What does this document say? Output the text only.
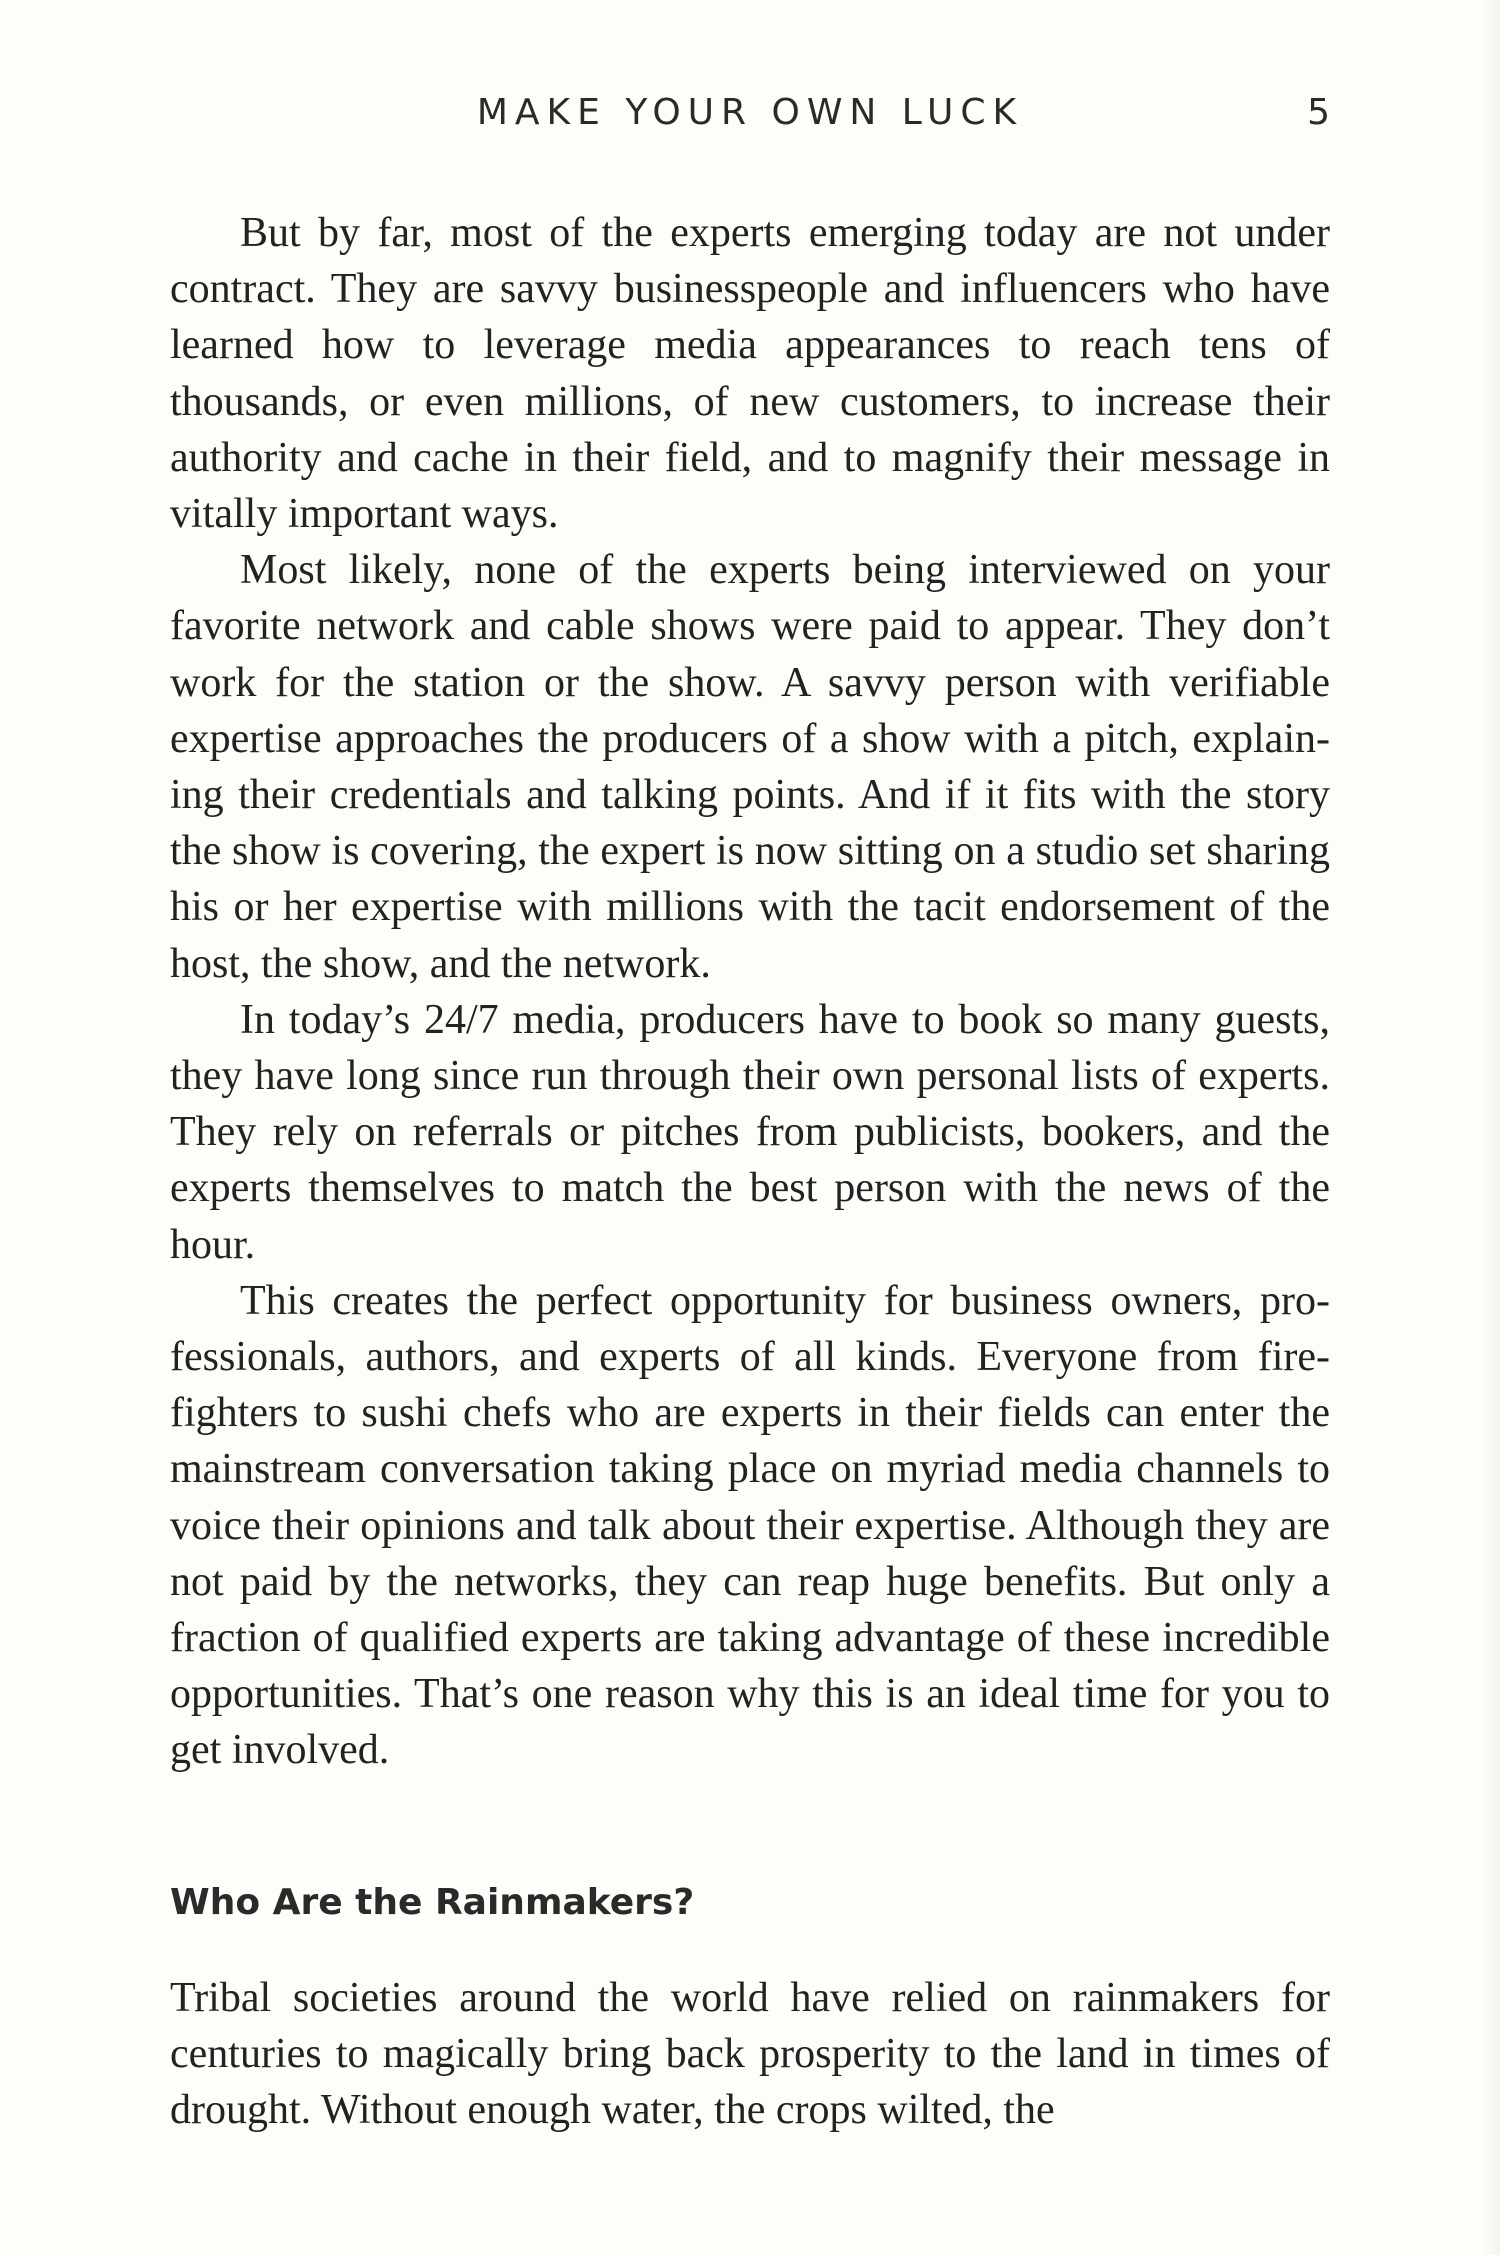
MAKE YOUR OWN LUCK	5

But by far, most of the experts emerging today are not under contract. They are savvy businesspeople and influencers who have learned how to leverage media appearances to reach tens of thousands, or even millions, of new customers, to increase their authority and cache in their field, and to magnify their message in vitally important ways.

Most likely, none of the experts being interviewed on your favorite network and cable shows were paid to appear. They don’t work for the station or the show. A savvy person with verifiable expertise approaches the producers of a show with a pitch, explaining their credentials and talking points. And if it fits with the story the show is covering, the expert is now sitting on a studio set sharing his or her expertise with millions with the tacit endorsement of the host, the show, and the network.

In today’s 24/7 media, producers have to book so many guests, they have long since run through their own personal lists of experts. They rely on referrals or pitches from publicists, bookers, and the experts themselves to match the best person with the news of the hour.

This creates the perfect opportunity for business owners, professionals, authors, and experts of all kinds. Everyone from firefighters to sushi chefs who are experts in their fields can enter the mainstream conversation taking place on myriad media channels to voice their opinions and talk about their expertise. Although they are not paid by the networks, they can reap huge benefits. But only a fraction of qualified experts are taking advantage of these incredible opportunities. That’s one reason why this is an ideal time for you to get involved.

Who Are the Rainmakers?

Tribal societies around the world have relied on rainmakers for centuries to magically bring back prosperity to the land in times of drought. Without enough water, the crops wilted, the
